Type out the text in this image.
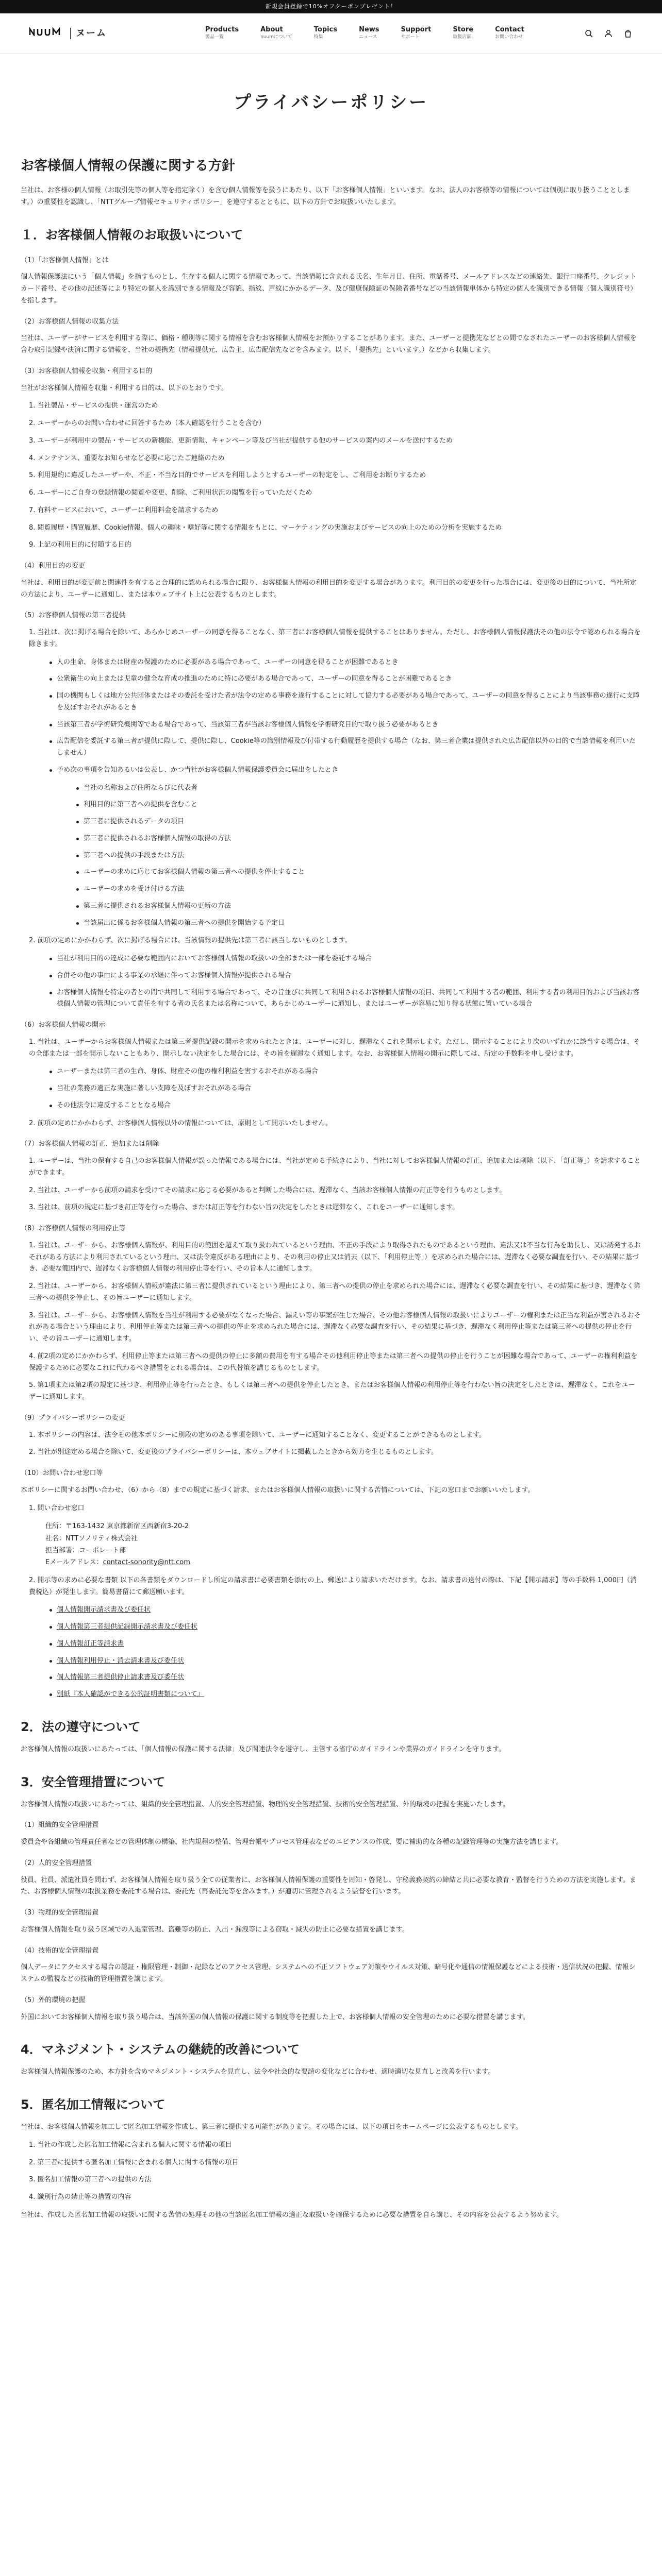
新規会員登録で10%オフクーポンプレゼント！
ヌーム	Products
製品一覧
About
nuumについて
Topics
特集
News
ニュース
Support
サポート
Store
取扱店舗
Contact
お問い合わせ
プライバシーポリシー
お客様個人情報の保護に関する方針

当社は、お客様の個人情報（お取引先等の個人等を指定除く）を含む個人情報等を扱うにあたり、以下「お客様個人情報」といいます。なお、法人のお客様等の情報については個別に取り扱うこととします。）の重要性を認識し、「NTTグループ情報セキュリティポリシー」を遵守するとともに、以下の方針でお取扱いいたします。

１．お客様個人情報のお取扱いについて
（1）「お客様個人情報」とは

個人情報保護法にいう「個人情報」を指すものとし、生存する個人に関する情報であって、当該情報に含まれる氏名、生年月日、住所、電話番号、メールアドレスなどの連絡先、銀行口座番号、クレジットカード番号、その他の記述等により特定の個人を識別できる情報及び容貌、指紋、声紋にかかるデータ、及び健康保険証の保険者番号などの当該情報単体から特定の個人を識別できる情報（個人識別符号）を指します。

（2）お客様個人情報の収集方法

当社は、ユーザーがサービスを利用する際に、価格・種別等に関する情報を含むお客様個人情報をお預かりすることがあります。また、ユーザーと提携先などとの間でなされたユーザーのお客様個人情報を含む取引記録や決済に関する情報を、当社の提携先（情報提供元、広告主、広告配信先などを含みます。以下、「提携先」といいます。）などから収集します。

（3）お客様個人情報を収集・利用する目的

当社がお客様個人情報を収集・利用する目的は、以下のとおりです。

1. 当社製品・サービスの提供・運営のため
2. ユーザーからのお問い合わせに回答するため（本人確認を行うことを含む）
3. ユーザーが利用中の製品・サービスの新機能、更新情報、キャンペーン等及び当社が提供する他のサービスの案内のメールを送付するため
4. メンテナンス、重要なお知らせなど必要に応じたご連絡のため
5. 利用規約に違反したユーザーや、不正・不当な目的でサービスを利用しようとするユーザーの特定をし、ご利用をお断りするため
6. ユーザーにご自身の登録情報の閲覧や変更、削除、ご利用状況の閲覧を行っていただくため
7. 有料サービスにおいて、ユーザーに利用料金を請求するため
8. 閲覧履歴・購買履歴、Cookie情報、個人の趣味・嗜好等に関する情報をもとに、マーケティングの実施およびサービスの向上のための分析を実施するため
9. 上記の利用目的に付随する目的
（4）利用目的の変更

当社は、利用目的が変更前と関連性を有すると合理的に認められる場合に限り、お客様個人情報の利用目的を変更する場合があります。利用目的の変更を行った場合には、変更後の目的について、当社所定の方法により、ユーザーに通知し、または本ウェブサイト上に公表するものとします。

（5）お客様個人情報の第三者提供

1. 当社は、次に掲げる場合を除いて、あらかじめユーザーの同意を得ることなく、第三者にお客様個人情報を提供することはありません。ただし、お客様個人情報保護法その他の法令で認められる場合を除きます。

人の生命、身体または財産の保護のために必要がある場合であって、ユーザーの同意を得ることが困難であるとき
公衆衛生の向上または児童の健全な育成の推進のために特に必要がある場合であって、ユーザーの同意を得ることが困難であるとき
国の機関もしくは地方公共団体またはその委託を受けた者が法令の定める事務を遂行することに対して協力する必要がある場合であって、ユーザーの同意を得ることにより当該事務の遂行に支障を及ぼすおそれがあるとき
当該第三者が学術研究機関等である場合であって、当該第三者が当該お客様個人情報を学術研究目的で取り扱う必要があるとき
広告配信を委託する第三者が提供に際して、提供に際し、Cookie等の識別情報及び付帯する行動履歴を提供する場合（なお、第三者企業は提供された広告配信以外の目的で当該情報を利用いたしません）
予め次の事項を告知あるいは公表し、かつ当社がお客様個人情報保護委員会に届出をしたとき
当社の名称および住所ならびに代表者
利用目的に第三者への提供を含むこと
第三者に提供されるデータの項目
第三者に提供されるお客様個人情報の取得の方法
第三者への提供の手段または方法
ユーザーの求めに応じてお客様個人情報の第三者への提供を停止すること
ユーザーの求めを受け付ける方法
第三者に提供されるお客様個人情報の更新の方法
当該届出に係るお客様個人情報の第三者への提供を開始する予定日

2. 前項の定めにかかわらず、次に掲げる場合には、当該情報の提供先は第三者に該当しないものとします。

当社が利用目的の達成に必要な範囲内においてお客様個人情報の取扱いの全部または一部を委託する場合
合併その他の事由による事業の承継に伴ってお客様個人情報が提供される場合
お客様個人情報を特定の者との間で共同して利用する場合であって、その旨並びに共同して利用されるお客様個人情報の項目、共同して利用する者の範囲、利用する者の利用目的および当該お客様個人情報の管理について責任を有する者の氏名または名称について、あらかじめユーザーに通知し、またはユーザーが容易に知り得る状態に置いている場合
（6）お客様個人情報の開示

1. 当社は、ユーザーからお客様個人情報または第三者提供記録の開示を求められたときは、ユーザーに対し、遅滞なくこれを開示します。ただし、開示することにより次のいずれかに該当する場合は、その全部または一部を開示しないこともあり、開示しない決定をした場合には、その旨を遅滞なく通知します。なお、お客様個人情報の開示に際しては、所定の手数料を申し受けます。

ユーザーまたは第三者の生命、身体、財産その他の権利利益を害するおそれがある場合
当社の業務の適正な実施に著しい支障を及ぼすおそれがある場合
その他法令に違反することとなる場合

2. 前項の定めにかかわらず、お客様個人情報以外の情報については、原則として開示いたしません。

（7）お客様個人情報の訂正、追加または削除
1. ユーザーは、当社の保有する自己のお客様個人情報が誤った情報である場合には、当社が定める手続きにより、当社に対してお客様個人情報の訂正、追加または削除（以下、「訂正等」）を請求することができます。
2. 当社は、ユーザーから前項の請求を受けてその請求に応じる必要があると判断した場合には、遅滞なく、当該お客様個人情報の訂正等を行うものとします。
3. 当社は、前項の規定に基づき訂正等を行った場合、または訂正等を行わない旨の決定をしたときは遅滞なく、これをユーザーに通知します。
（8）お客様個人情報の利用停止等
1. 当社は、ユーザーから、お客様個人情報が、利用目的の範囲を超えて取り扱われているという理由、不正の手段により取得されたものであるという理由、違法又は不当な行為を助長し、又は誘発するおそれがある方法により利用されているという理由、又は法令違反がある理由により、その利用の停止又は消去（以下、「利用停止等」）を求められた場合には、遅滞なく必要な調査を行い、その結果に基づき、必要な範囲内で、遅滞なくお客様個人情報の利用停止等を行い、その旨本人に通知します。
2. 当社は、ユーザーから、お客様個人情報が違法に第三者に提供されているという理由により、第三者への提供の停止を求められた場合には、遅滞なく必要な調査を行い、その結果に基づき、遅滞なく第三者への提供を停止し、その旨ユーザーに通知します。
3. 当社は、ユーザーから、お客様個人情報を当社が利用する必要がなくなった場合、漏えい等の事案が生じた場合、その他お客様個人情報の取扱いによりユーザーの権利または正当な利益が害されるおそれがある場合という理由により、利用停止等または第三者への提供の停止を求められた場合には、遅滞なく必要な調査を行い、その結果に基づき、遅滞なく利用停止等または第三者への提供の停止を行い、その旨ユーザーに通知します。
4. 前2項の定めにかかわらず、利用停止等または第三者への提供の停止に多額の費用を有する場合その他利用停止等または第三者への提供の停止を行うことが困難な場合であって、ユーザーの権利利益を保護するために必要なこれに代わるべき措置をとれる場合は、この代替策を講じるものとします。
5. 第1項または第2項の規定に基づき、利用停止等を行ったとき、もしくは第三者への提供を停止したとき、またはお客様個人情報の利用停止等を行わない旨の決定をしたときは、遅滞なく、これをユーザーに通知します。
（9）プライバシーポリシーの変更
1. 本ポリシーの内容は、法令その他本ポリシーに別段の定めのある事項を除いて、ユーザーに通知することなく、変更することができるものとします。
2. 当社が別途定める場合を除いて、変更後のプライバシーポリシーは、本ウェブサイトに掲載したときから効力を生じるものとします。
（10）お問い合わせ窓口等

本ポリシーに関するお問い合わせ、（6）から（8）までの規定に基づく請求、またはお客様個人情報の取扱いに関する苦情については、下記の窓口までお願いいたします。

1. 問い合わせ窓口

住所：〒163-1432 東京都新宿区西新宿3-20-2
社名：NTTソノリティ株式会社
担当部署：コーポレート部
Eメールアドレス：contact-sonority@ntt.com

2. 開示等の求めに必要な書類 以下の各書類をダウンロードし所定の請求書に必要書類を添付の上、郵送により請求いただけます。なお、請求書の送付の際は、下記【開示請求】等の手数料 1,000円（消費税込）が発生します。簡易書留にて郵送願います。

個人情報開示請求書及び委任状
個人情報第三者提供記録開示請求書及び委任状
個人情報訂正等請求書
個人情報利用停止・消去請求書及び委任状
個人情報第三者提供停止請求書及び委任状
別紙『本人確認ができる公的証明書類について』
2．法の遵守について

お客様個人情報の取扱いにあたっては、「個人情報の保護に関する法律」及び関連法令を遵守し、主管する省庁のガイドラインや業界のガイドラインを守ります。

3．安全管理措置について

お客様個人情報の取扱いにあたっては、組織的安全管理措置、人的安全管理措置、物理的安全管理措置、技術的安全管理措置、外的環境の把握を実施いたします。

（1）組織的安全管理措置

委員会や各組織の管理責任者などの管理体制の構築、社内規程の整備、管理台帳やプロセス管理表などのエビデンスの作成、要に補助的な各種の記録管理等の実施方法を講じます。

（2）人的安全管理措置

役員、社員、派遣社員を問わず、お客様個人情報を取り扱う全ての従業者に、お客様個人情報保護の重要性を周知・啓発し、守秘義務契約の締結と共に必要な教育・監督を行うための方法を実施します。また、お客様個人情報の取扱業務を委託する場合は、委託先（再委託先等を含みます。）が適切に管理されるよう監督を行います。

（3）物理的安全管理措置

お客様個人情報を取り扱う区域での入退室管理、盗難等の防止、入出・漏洩等による窃取・減失の防止に必要な措置を講じます。

（4）技術的安全管理措置

個人データにアクセスする場合の認証・権限管理・制御・記録などのアクセス管理、システムへの不正ソフトウェア対策やウイルス対策、暗号化や通信の情報保護などによる技術・送信状況の把握、情報システムの監視などの技術的管理措置を講じます。

（5）外的環境の把握

外国においてお客様個人情報を取り扱う場合は、当該外国の個人情報の保護に関する制度等を把握した上で、お客様個人情報の安全管理のために必要な措置を講じます。

4．マネジメント・システムの継続的改善について

お客様個人情報保護のため、本方針を含めマネジメント・システムを見直し、法令や社会的な要請の変化などに合わせ、適時適切な見直しと改善を行います。

5．匿名加工情報について

当社は、お客様個人情報を加工して匿名加工情報を作成し、第三者に提供する可能性があります。その場合には、以下の項目をホームページに公表するものとします。

1. 当社の作成した匿名加工情報に含まれる個人に関する情報の項目
2. 第三者に提供する匿名加工情報に含まれる個人に関する情報の項目
3. 匿名加工情報の第三者への提供の方法
4. 識別行為の禁止等の措置の内容

当社は、作成した匿名加工情報の取扱いに関する苦情の処理その他の当該匿名加工情報の適正な取扱いを確保するために必要な措置を自ら講じ、その内容を公表するよう努めます。
